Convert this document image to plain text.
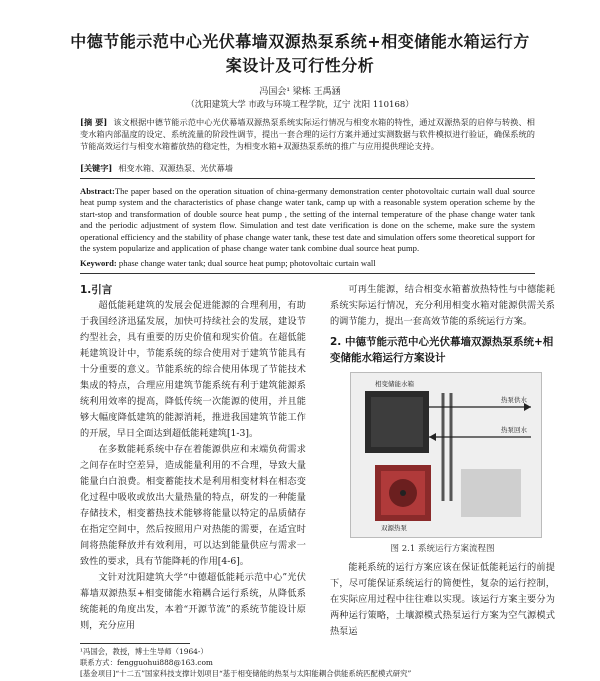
中德节能示范中心光伏幕墙双源热泵系统+相变储能水箱运行方
案设计及可行性分析
冯国会¹ 梁栋 王禹涵
（沈阳建筑大学 市政与环境工程学院，辽宁 沈阳 110168）
[摘 要] 该文根据中德节能示范中心光伏幕墙双源热泵系统实际运行情况与相变水箱的特性，通过双源热泵的启停与转换、相变水箱内部温度的设定、系统流量的阶段性调节，提出一套合理的运行方案并通过实测数据与软件模拟进行验证，确保系统的节能高效运行与相变水箱蓄放热的稳定性，为相变水箱+双源热泵系统的推广与应用提供理论支持。
[关键字] 相变水箱、双源热泵、光伏幕墙
Abstract:The paper based on the operation situation of china-germany demonstration center photovoltaic curtain wall dual source heat pump system and the characteristics of phase change water tank, camp up with a reasonable system operation scheme by the start-stop and transformation of double source heat pump , the setting of the internal temperature of the phase change water tank and the periodic adjustment of system flow. Simulation and test date verification is done on the scheme, make sure the system operational efficiency and the stability of phase change water tank, these test date and simulation offers some theoretical support for the system popularize and application of phase change water tank combine dual source heat pump.
Keyword: phase change water tank; dual source heat pump; photovoltaic curtain wall
1.引言

超低能耗建筑的发展会促进能源的合理利用，有助于我国经济迅猛发展，加快可持续社会的发展，建设节约型社会，具有重要的历史价值和现实价值。在超低能耗建筑设计中，节能系统的综合使用对于建筑节能具有十分重要的意义。节能系统的综合使用体现了节能技术集成的特点，合理应用建筑节能系统有利于建筑能源系统利用效率的提高，降低传统一次能源的使用，并且能够大幅度降低建筑的能源消耗，推进我国建筑节能工作的开展，早日全面达到超低能耗建筑[1-3]。

在多数能耗系统中存在着能源供应和末端负荷需求之间存在时空差异，造成能量利用的不合理，导致大量能量白白浪费。相变蓄能技术是利用相变材料在相态变化过程中吸收或放出大量热量的特点，研发的一种能量存储技术，相变蓄热技术能够将能量以特定的品质储存在指定空间中，然后按照用户对热能的需要，在适宜时间将热能释放并有效利用，可以达到能量供应与需求一致性的要求，具有节能降耗的作用[4-6]。

文针对沈阳建筑大学“中德超低能耗示范中心”光伏幕墙双源热泵+相变储能水箱耦合运行系统，从降低系统能耗的角度出发，本着“开源节流”的系统节能设计原则，充分应用

可再生能源，结合相变水箱蓄放热特性与中德能耗系统实际运行情况，充分利用相变水箱对能源供需关系的调节能力，提出一套高效节能的系统运行方案。

2. 中德节能示范中心光伏幕墙双源热泵系统+相变储能水箱运行方案设计
相变储能水箱
热泵供水
热泵回水
双源热泵
图 2.1 系统运行方案流程图

能耗系统的运行方案应该在保证低能耗运行的前提下，尽可能保证系统运行的简便性，复杂的运行控制，在实际应用过程中往往难以实现。该运行方案主要分为两种运行策略，土壤源模式热泵运行方案为空气源模式热泵运

¹冯国会，教授，博士生导师（1964-）
联系方式：fengguohui888@163.com
[基金项目]“十二五”国家科技支撑计划项目“基于相变储能的热泵与太阳能耦合供能系统匹配模式研究”
